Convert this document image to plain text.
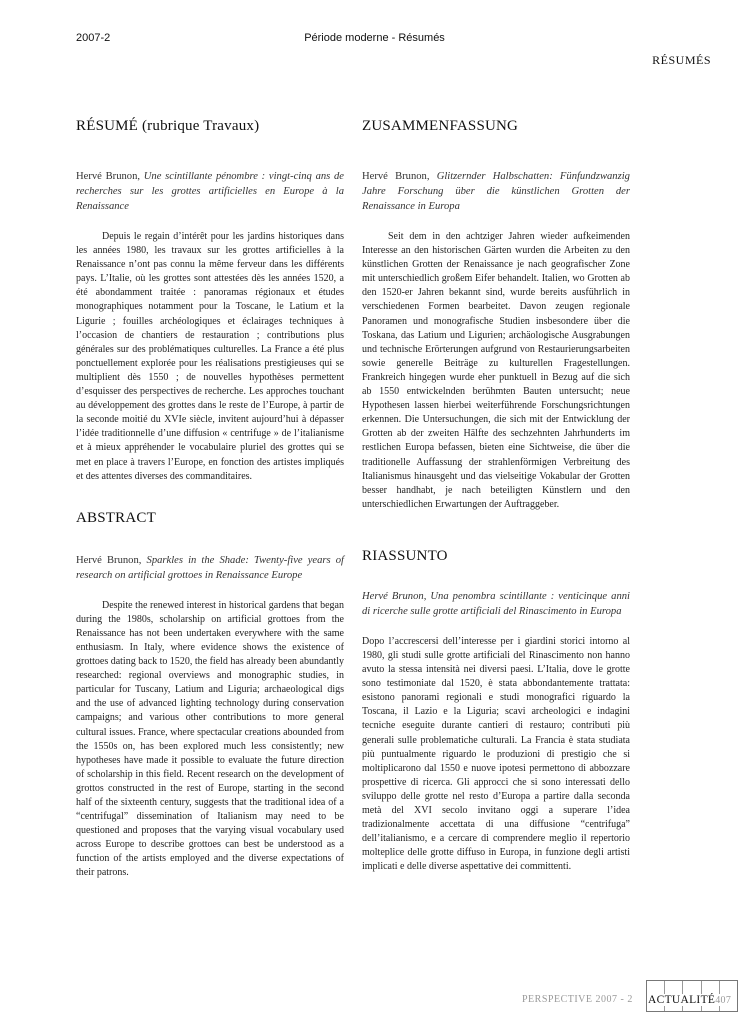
2007-2	Période moderne - Résumés
RÉSUMÉS
RÉSUMÉ (rubrique Travaux)

Hervé Brunon, Une scintillante pénombre : vingt-cinq ans de recherches sur les grottes artificielles en Europe à la Renaissance

Depuis le regain d’intérêt pour les jardins historiques dans les années 1980, les travaux sur les grottes artificielles à la Renaissance n’ont pas connu la même ferveur dans les différents pays. L’Italie, où les grottes sont attestées dès les années 1520, a été abondamment traitée : panoramas régionaux et études monographiques notamment pour la Toscane, le Latium et la Ligurie ; fouilles archéologiques et éclairages techniques à l’occasion de chantiers de restauration ; contributions plus générales sur des problématiques culturelles. La France a été plus ponctuellement explorée pour les réalisations prestigieuses qui se multiplient dès 1550 ; de nouvelles hypothèses permettent d’esquisser des perspectives de recherche. Les approches touchant au développement des grottes dans le reste de l’Europe, à partir de la seconde moitié du XVIe siècle, invitent aujourd’hui à dépasser l’idée traditionnelle d’une diffusion « centrifuge » de l’italianisme et à mieux appréhender le vocabulaire pluriel des grottes qui se met en place à travers l’Europe, en fonction des artistes impliqués et des attentes diverses des commanditaires.

ABSTRACT

Hervé Brunon, Sparkles in the Shade: Twenty-five years of research on artificial grottoes in Renaissance Europe

Despite the renewed interest in historical gardens that began during the 1980s, scholarship on artificial grottoes from the Renaissance has not been undertaken everywhere with the same enthusiasm. In Italy, where evidence shows the existence of grottoes dating back to 1520, the field has already been abundantly researched: regional overviews and monographic studies, in particular for Tuscany, Latium and Liguria; archaeological digs and the use of advanced lighting technology during conservation campaigns; and various other contributions to more general cultural issues. France, where spectacular creations abounded from the 1550s on, has been explored much less consistently; new hypotheses have made it possible to evaluate the future direction of scholarship in this field. Recent research on the development of grottos constructed in the rest of Europe, starting in the second half of the sixteenth century, suggests that the traditional idea of a “centrifugal” dissemination of Italianism may need to be questioned and proposes that the varying visual vocabulary used across Europe to describe grottoes can best be understood as a function of the artists employed and the diverse expectations of their patrons.

ZUSAMMENFASSUNG

Hervé Brunon, Glitzernder Halbschatten: Fünfundzwanzig Jahre Forschung über die künstlichen Grotten der Renaissance in Europa

Seit dem in den achtziger Jahren wieder aufkeimenden Interesse an den historischen Gärten wurden die Arbeiten zu den künstlichen Grotten der Renaissance je nach geografischer Zone mit unterschiedlich großem Eifer behandelt. Italien, wo Grotten ab den 1520-er Jahren bekannt sind, wurde bereits ausführlich in verschiedenen Formen bearbeitet. Davon zeugen regionale Panoramen und monografische Studien insbesondere über die Toskana, das Latium und Ligurien; archäologische Ausgrabungen und technische Erörterungen aufgrund von Restaurierungsarbeiten sowie generelle Beiträge zu kulturellen Fragestellungen. Frankreich hingegen wurde eher punktuell in Bezug auf die sich ab 1550 entwickelnden berühmten Bauten untersucht; neue Hypothesen lassen hierbei weiterführende Forschungsrichtungen erkennen. Die Untersuchungen, die sich mit der Entwicklung der Grotten ab der zweiten Hälfte des sechzehnten Jahrhunderts im restlichen Europa befassen, bieten eine Sichtweise, die über die traditionelle Auffassung der strahlenförmigen Verbreitung des Italianismus hinausgeht und das vielseitige Vokabular der Grotten besser handhabt, je nach beteiligten Künstlern und den unterschiedlichen Erwartungen der Auftraggeber.

RIASSUNTO

Hervé Brunon, Una penombra scintillante : venticinque anni di ricerche sulle grotte artificiali del Rinascimento in Europa

Dopo l’accrescersi dell’interesse per i giardini storici intorno al 1980, gli studi sulle grotte artificiali del Rinascimento non hanno avuto la stessa intensità nei diversi paesi. L’Italia, dove le grotte sono testimoniate dal 1520, è stata abbondantemente trattata: esistono panorami regionali e studi monografici riguardo la Toscana, il Lazio e la Liguria; scavi archeologici e indagini tecniche eseguite durante cantieri di restauro; contributi più generali sulle problematiche culturali. La Francia è stata studiata più puntualmente riguardo le produzioni di prestigio che si moltiplicarono dal 1550 e nuove ipotesi permettono di abbozzare prospettive di ricerca. Gli approcci che si sono interessati dello sviluppo delle grotte nel resto d’Europa a partire dalla seconda metà del XVI secolo invitano oggi a superare l’idea tradizionalmente accettata di una diffusione “centrifuga” dell’italianismo, e a cercare di comprendere meglio il repertorio molteplice delle grotte diffuso in Europa, in funzione degli artisti implicati e delle diverse aspettative dei committenti.

PERSPECTIVE 2007 - 2 ACTUALITÉ407
